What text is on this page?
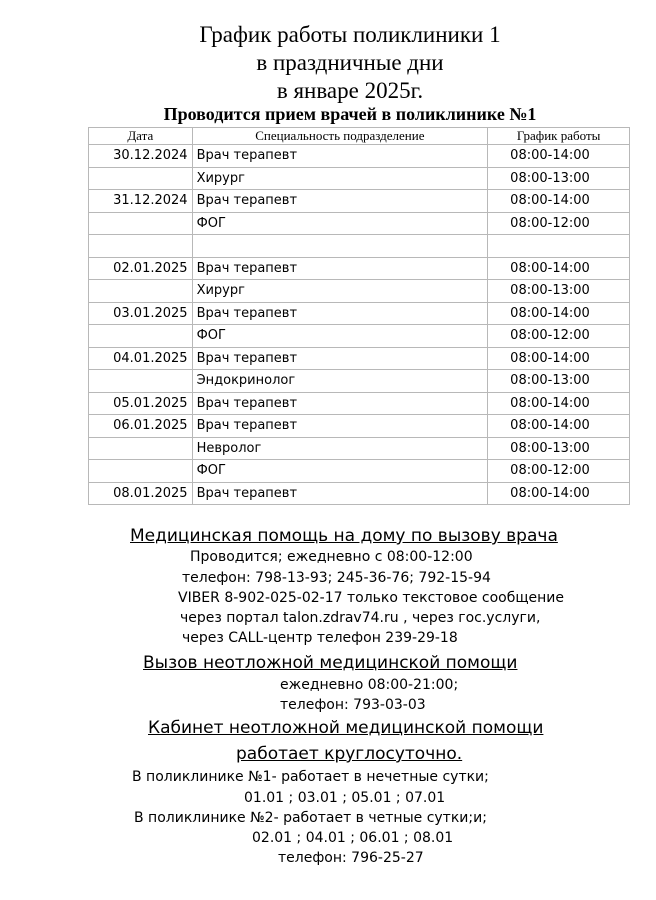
График работы поликлиники 1
в праздничные дни
в январе 2025г.
Проводится прием врачей в поликлинике №1
Дата	Специальность подразделение	График работы
30.12.2024	Врач терапевт	08:00-14:00
	Хирург	08:00-13:00
31.12.2024	Врач терапевт	08:00-14:00
	ФОГ	08:00-12:00

02.01.2025	Врач терапевт	08:00-14:00
	Хирург	08:00-13:00
03.01.2025	Врач терапевт	08:00-14:00
	ФОГ	08:00-12:00
04.01.2025	Врач терапевт	08:00-14:00
	Эндокринолог	08:00-13:00
05.01.2025	Врач терапевт	08:00-14:00
06.01.2025	Врач терапевт	08:00-14:00
	Невролог	08:00-13:00
	ФОГ	08:00-12:00
08.01.2025	Врач терапевт	08:00-14:00
Медицинская помощь на дому по вызову врача
Проводится; ежедневно с 08:00-12:00
телефон: 798-13-93; 245-36-76; 792-15-94
VIBER 8-902-025-02-17 только текстовое сообщение
через портал talon.zdrav74.ru , через гос.услуги,
через CALL-центр телефон 239-29-18
Вызов неотложной медицинской помощи
ежедневно 08:00-21:00;
телефон: 793-03-03
Кабинет неотложной медицинской помощи
работает круглосуточно.
В поликлинике №1- работает в нечетные сутки;
01.01 ; 03.01 ; 05.01 ; 07.01
В поликлинике №2- работает в четные сутки;и;
02.01 ; 04.01 ; 06.01 ; 08.01
телефон: 796-25-27
